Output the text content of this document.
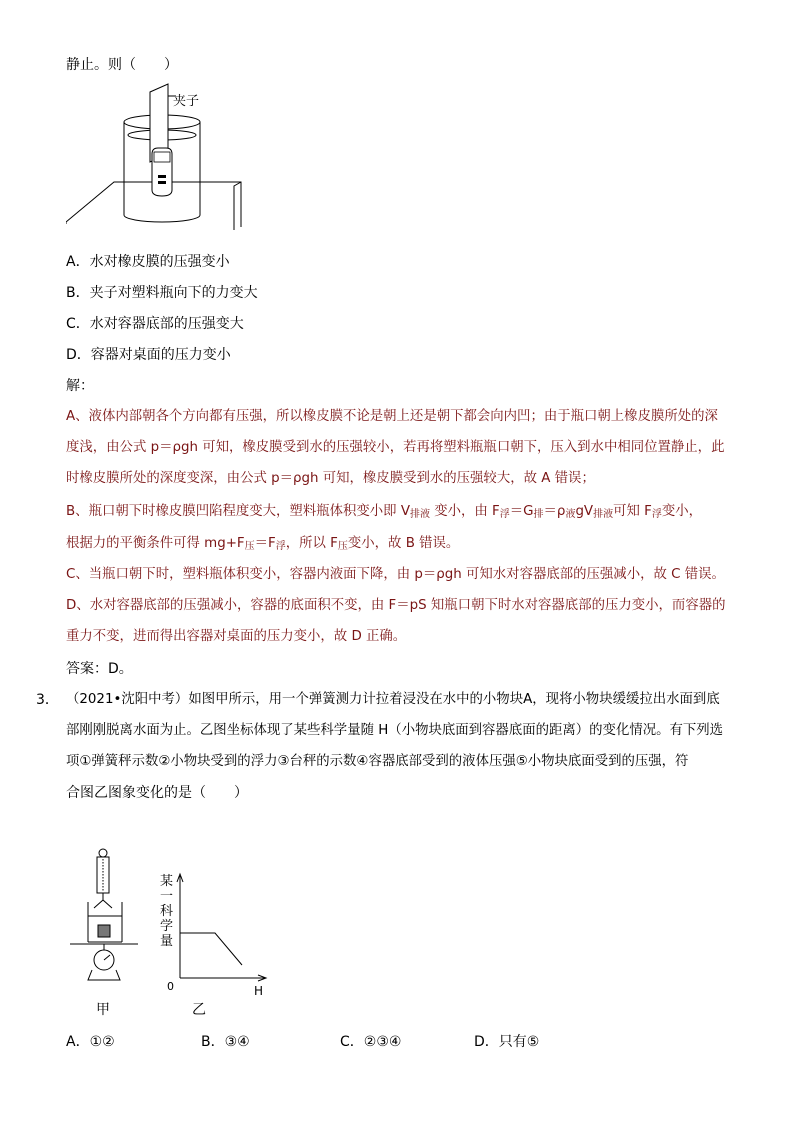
静止。则（　　）
夹子
A．水对橡皮膜的压强变小
B．夹子对塑料瓶向下的力变大
C．水对容器底部的压强变大
D．容器对桌面的压力变小
解：
A、液体内部朝各个方向都有压强，所以橡皮膜不论是朝上还是朝下都会向内凹；由于瓶口朝上橡皮膜所处的深
度浅，由公式 p＝ρgh 可知，橡皮膜受到水的压强较小，若再将塑料瓶瓶口朝下，压入到水中相同位置静止，此
时橡皮膜所处的深度变深，由公式 p＝ρgh 可知，橡皮膜受到水的压强较大，故 A 错误；
B、瓶口朝下时橡皮膜凹陷程度变大，塑料瓶体积变小即 $V_{排液}$ 变小，由 $F_浮=G_排=\rho_液gV_{排液}$可知 $F_浮$变小，
根据力的平衡条件可得 $mg+F_压=F_浮$，所以 $F_压$变小，故 B 错误。
C、当瓶口朝下时，塑料瓶体积变小，容器内液面下降，由 p＝ρgh 可知水对容器底部的压强减小，故 C 错误。
D、水对容器底部的压强减小，容器的底面积不变，由 F＝pS 知瓶口朝下时水对容器底部的压力变小，而容器的
重力不变，进而得出容器对桌面的压力变小，故 D 正确。
答案：D。
3． （2021•沈阳中考）如图甲所示，用一个弹簧测力计拉着浸没在水中的小物块A，现将小物块缓缓拉出水面到底
部刚刚脱离水面为止。乙图坐标体现了某些科学量随 H（小物块底面到容器底面的距离）的变化情况。有下列选
项①弹簧秤示数②小物块受到的浮力③台秤的示数④容器底部受到的液体压强⑤小物块底面受到的压强，符
合图乙图象变化的是（　　）
甲
某
一
科
学
量
0	H
乙
A．①②	B．③④	C．②③④	D．只有⑤
